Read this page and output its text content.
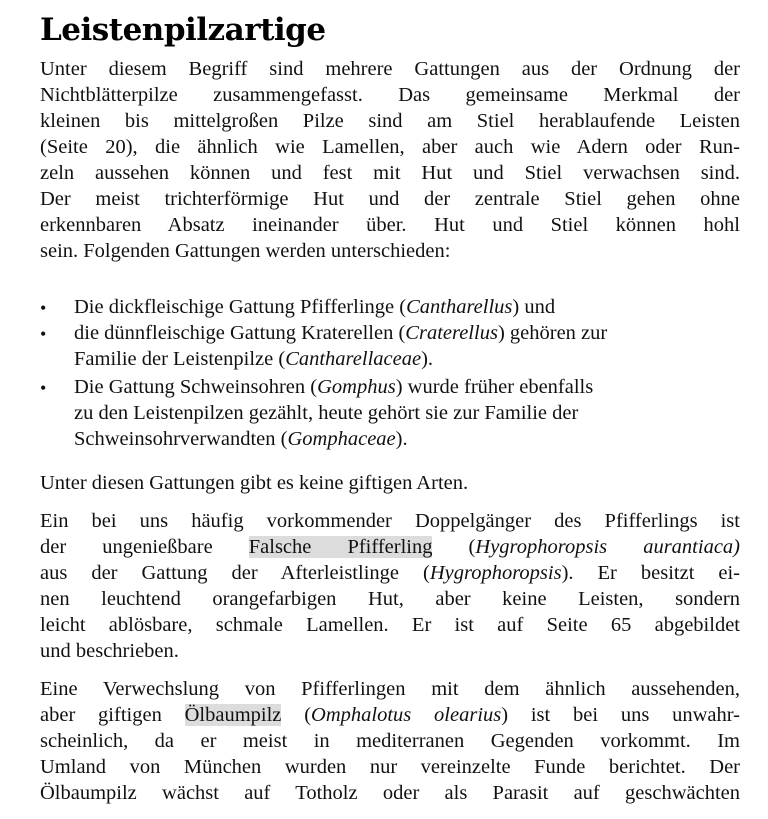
Leistenpilzartige
Unter diesem Begriff sind mehrere Gattungen aus der Ordnung der
Nichtblätterpilze zusammengefasst. Das gemeinsame Merkmal der
kleinen bis mittelgroßen Pilze sind am Stiel herablaufende Leisten
(Seite 20), die ähnlich wie Lamellen, aber auch wie Adern oder Run-
zeln aussehen können und fest mit Hut und Stiel verwachsen sind.
Der meist trichterförmige Hut und der zentrale Stiel gehen ohne
erkennbaren Absatz ineinander über. Hut und Stiel können hohl
sein. Folgenden Gattungen werden unterschieden:
• Die dickfleischige Gattung Pfifferlinge (Cantharellus) und
• die dünnfleischige Gattung Kraterellen (Craterellus) gehören zur
Familie der Leistenpilze (Cantharellaceae).
• Die Gattung Schweinsohren (Gomphus) wurde früher ebenfalls
zu den Leistenpilzen gezählt, heute gehört sie zur Familie der
Schweinsohrverwandten (Gomphaceae).
Unter diesen Gattungen gibt es keine giftigen Arten.
Ein bei uns häufig vorkommender Doppelgänger des Pfifferlings ist
der ungenießbare Falsche Pfifferling (Hygrophoropsis aurantiaca)
aus der Gattung der Afterleistlinge (Hygrophoropsis). Er besitzt ei-
nen leuchtend orangefarbigen Hut, aber keine Leisten, sondern
leicht ablösbare, schmale Lamellen. Er ist auf Seite 65 abgebildet
und beschrieben.
Eine Verwechslung von Pfifferlingen mit dem ähnlich aussehenden,
aber giftigen Ölbaumpilz (Omphalotus olearius) ist bei uns unwahr-
scheinlich, da er meist in mediterranen Gegenden vorkommt. Im
Umland von München wurden nur vereinzelte Funde berichtet. Der
Ölbaumpilz wächst auf Totholz oder als Parasit auf geschwächten
